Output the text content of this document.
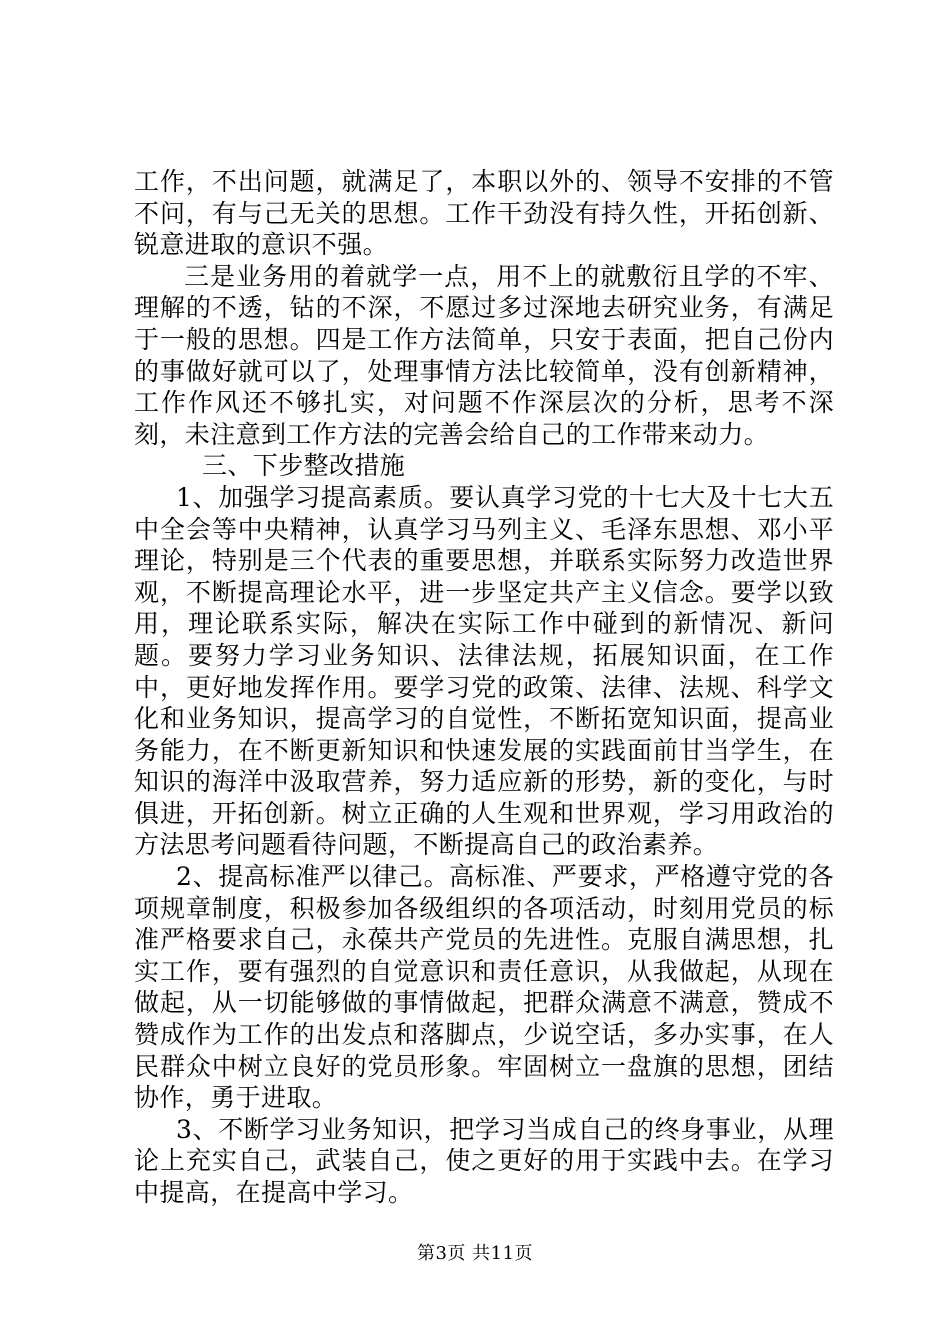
工作，不出问题，就满足了，本职以外的、领导不安排的不管不问，有与己无关的思想。工作干劲没有持久性，开拓创新、锐意进取的意识不强。

三是业务用的着就学一点，用不上的就敷衍且学的不牢、理解的不透，钻的不深，不愿过多过深地去研究业务，有满足于一般的思想。四是工作方法简单，只安于表面，把自己份内的事做好就可以了，处理事情方法比较简单，没有创新精神，工作作风还不够扎实，对问题不作深层次的分析，思考不深刻，未注意到工作方法的完善会给自己的工作带来动力。

三、下步整改措施

1、加强学习提高素质。要认真学习党的十七大及十七大五中全会等中央精神，认真学习马列主义、毛泽东思想、邓小平理论，特别是三个代表的重要思想，并联系实际努力改造世界观，不断提高理论水平，进一步坚定共产主义信念。要学以致用，理论联系实际，解决在实际工作中碰到的新情况、新问题。要努力学习业务知识、法律法规，拓展知识面，在工作中，更好地发挥作用。要学习党的政策、法律、法规、科学文化和业务知识，提高学习的自觉性，不断拓宽知识面，提高业务能力，在不断更新知识和快速发展的实践面前甘当学生，在知识的海洋中汲取营养，努力适应新的形势，新的变化，与时俱进，开拓创新。树立正确的人生观和世界观，学习用政治的方法思考问题看待问题，不断提高自己的政治素养。

2、提高标准严以律己。高标准、严要求，严格遵守党的各项规章制度，积极参加各级组织的各项活动，时刻用党员的标准严格要求自己，永葆共产党员的先进性。克服自满思想，扎实工作，要有强烈的自觉意识和责任意识，从我做起，从现在做起，从一切能够做的事情做起，把群众满意不满意，赞成不赞成作为工作的出发点和落脚点，少说空话，多办实事，在人民群众中树立良好的党员形象。牢固树立一盘旗的思想，团结协作，勇于进取。

3、不断学习业务知识，把学习当成自己的终身事业，从理论上充实自己，武装自己，使之更好的用于实践中去。在学习中提高，在提高中学习。

第3页 共11页
